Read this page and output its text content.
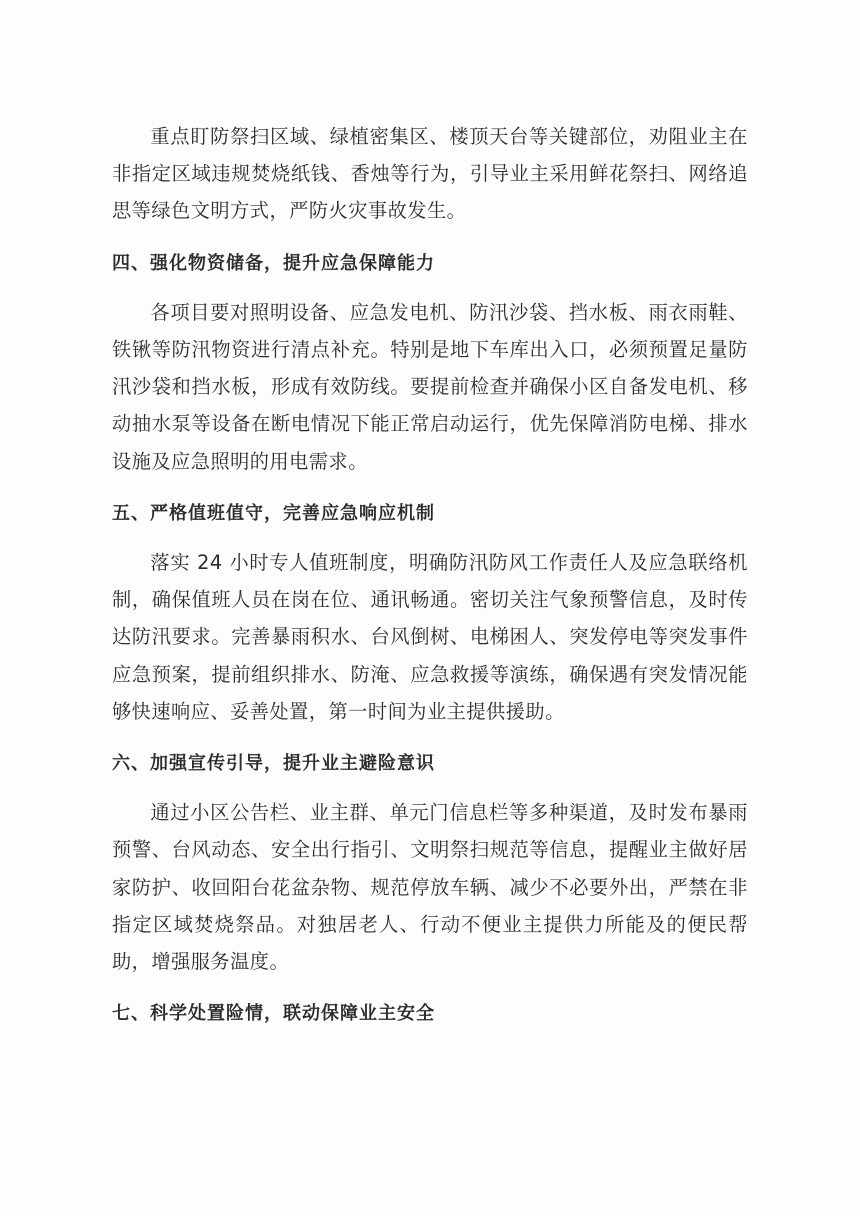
重点盯防祭扫区域、绿植密集区、楼顶天台等关键部位，劝阻业主在非指定区域违规焚烧纸钱、香烛等行为，引导业主采用鲜花祭扫、网络追思等绿色文明方式，严防火灾事故发生。

四、强化物资储备，提升应急保障能力

各项目要对照明设备、应急发电机、防汛沙袋、挡水板、雨衣雨鞋、铁锹等防汛物资进行清点补充。特别是地下车库出入口，必须预置足量防汛沙袋和挡水板，形成有效防线。要提前检查并确保小区自备发电机、移动抽水泵等设备在断电情况下能正常启动运行，优先保障消防电梯、排水设施及应急照明的用电需求。

五、严格值班值守，完善应急响应机制

落实 24 小时专人值班制度，明确防汛防风工作责任人及应急联络机制，确保值班人员在岗在位、通讯畅通。密切关注气象预警信息，及时传达防汛要求。完善暴雨积水、台风倒树、电梯困人、突发停电等突发事件应急预案，提前组织排水、防淹、应急救援等演练，确保遇有突发情况能够快速响应、妥善处置，第一时间为业主提供援助。

六、加强宣传引导，提升业主避险意识

通过小区公告栏、业主群、单元门信息栏等多种渠道，及时发布暴雨预警、台风动态、安全出行指引、文明祭扫规范等信息，提醒业主做好居家防护、收回阳台花盆杂物、规范停放车辆、减少不必要外出，严禁在非指定区域焚烧祭品。对独居老人、行动不便业主提供力所能及的便民帮助，增强服务温度。

七、科学处置险情，联动保障业主安全
